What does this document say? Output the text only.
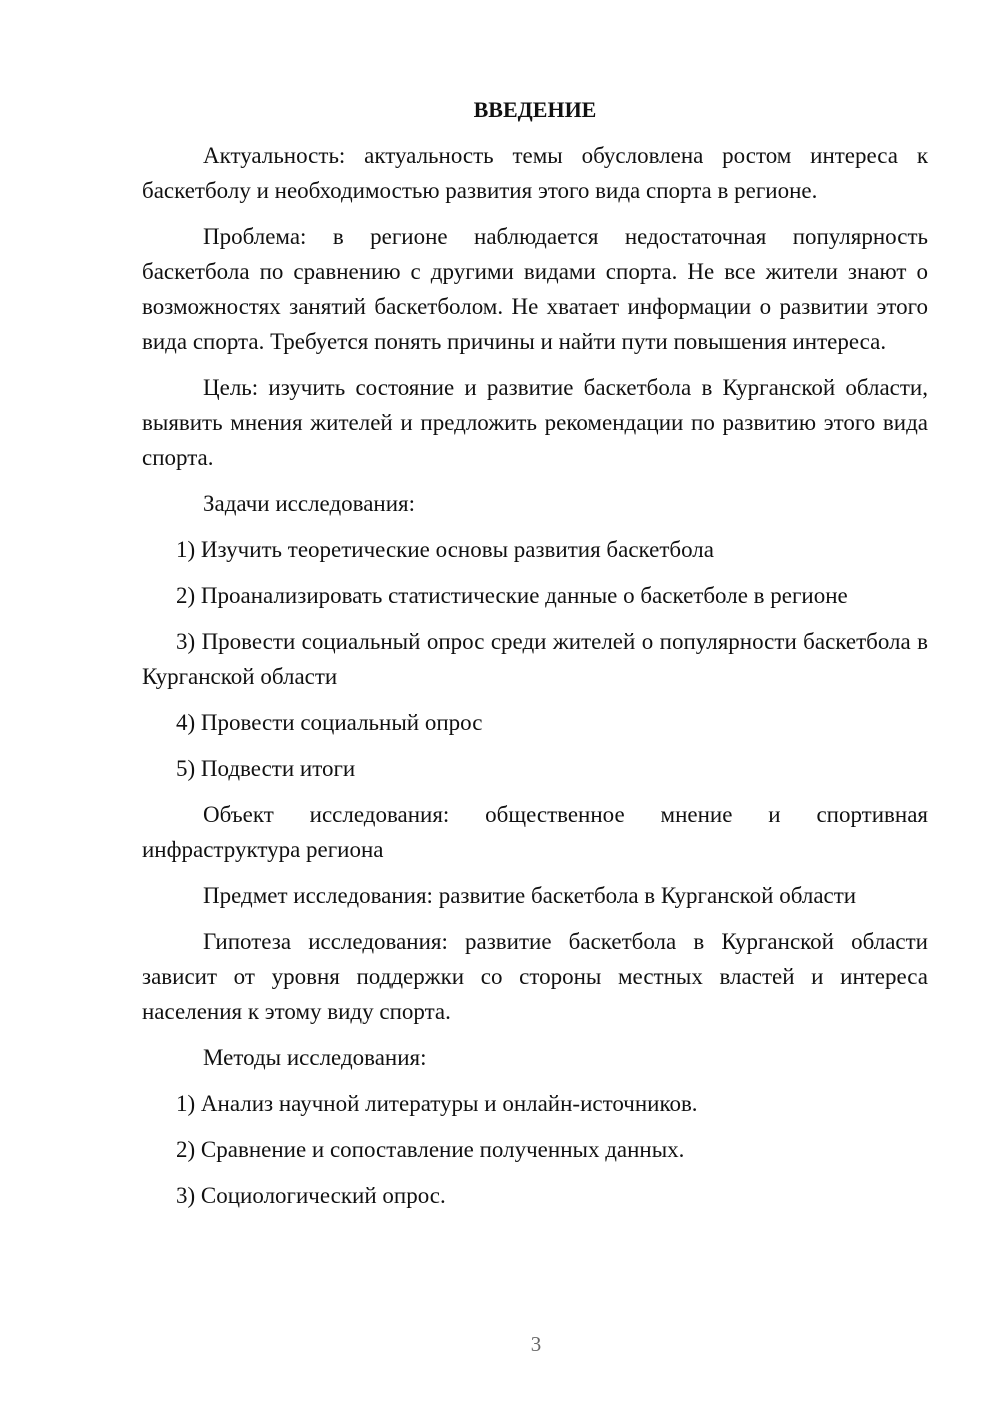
ВВЕДЕНИЕ

Актуальность: актуальность темы обусловлена ростом интереса к баскетболу и необходимостью развития этого вида спорта в регионе.

Проблема: в регионе наблюдается недостаточная популярность баскетбола по сравнению с другими видами спорта. Не все жители знают о возможностях занятий баскетболом. Не хватает информации о развитии этого вида спорта. Требуется понять причины и найти пути повышения интереса.

Цель: изучить состояние и развитие баскетбола в Курганской области, выявить мнения жителей и предложить рекомендации по развитию этого вида спорта.

Задачи исследования:

1) Изучить теоретические основы развития баскетбола

2) Проанализировать статистические данные о баскетболе в регионе

3) Провести социальный опрос среди жителей о популярности баскетбола в Курганской области

4) Провести социальный опрос

5) Подвести итоги

Объект исследования: общественное мнение и спортивная инфраструктура региона

Предмет исследования: развитие баскетбола в Курганской области

Гипотеза исследования: развитие баскетбола в Курганской области зависит от уровня поддержки со стороны местных властей и интереса населения к этому виду спорта.

Методы исследования:

1) Анализ научной литературы и онлайн-источников.

2) Сравнение и сопоставление полученных данных.

3) Социологический опрос.

3
